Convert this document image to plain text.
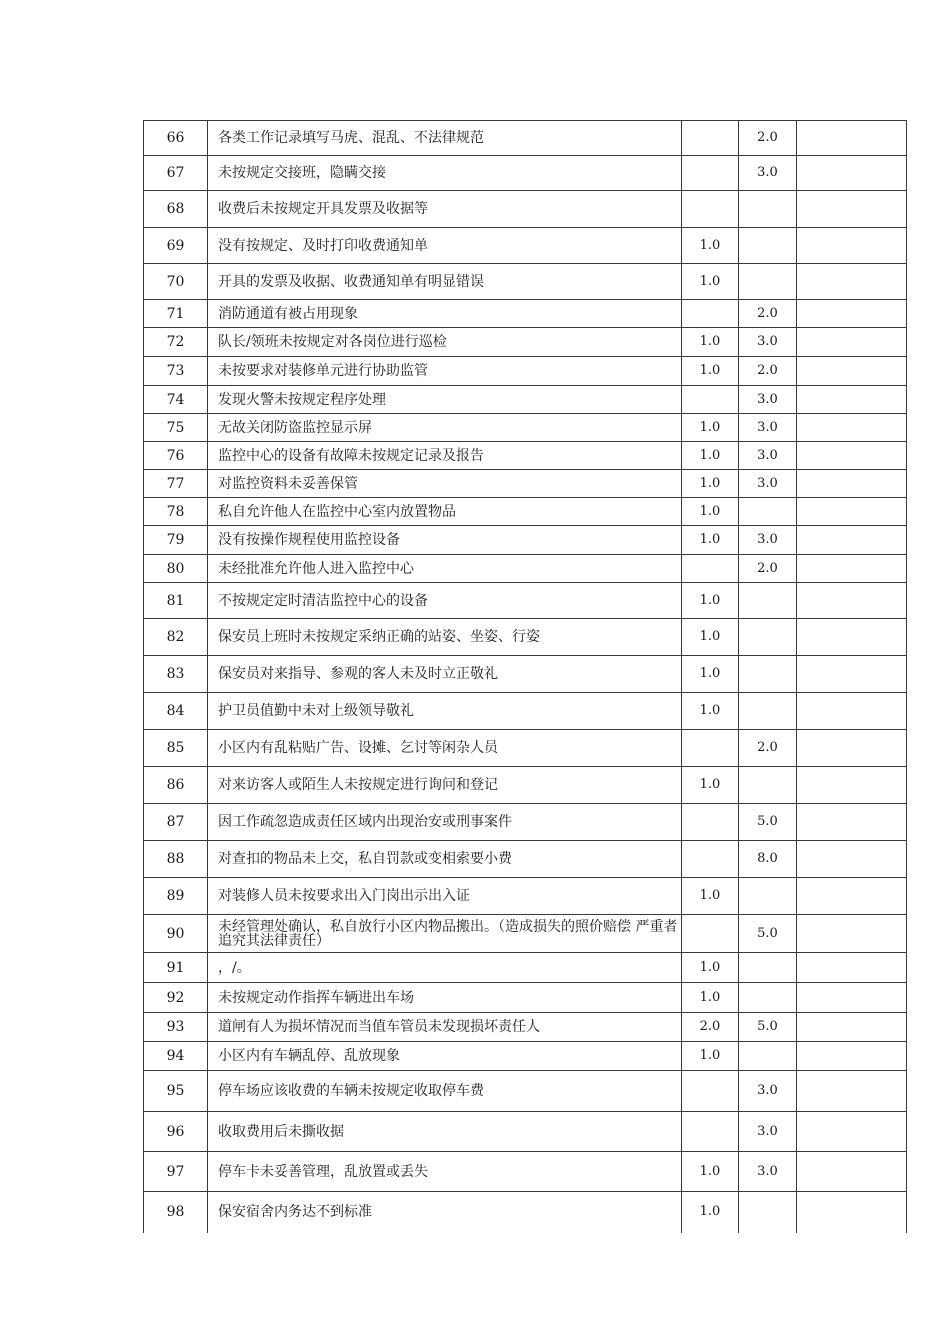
66	各类工作记录填写马虎、混乱、不法律规范		2.0	
67	未按规定交接班，隐瞒交接		3.0	
68	收费后未按规定开具发票及收据等			
69	没有按规定、及时打印收费通知单	1.0		
70	开具的发票及收据、收费通知单有明显错误	1.0		
71	消防通道有被占用现象		2.0	
72	队长/领班未按规定对各岗位进行巡检	1.0	3.0	
73	未按要求对装修单元进行协助监管	1.0	2.0	
74	发现火警未按规定程序处理		3.0	
75	无故关闭防盗监控显示屏	1.0	3.0	
76	监控中心的设备有故障未按规定记录及报告	1.0	3.0	
77	对监控资料未妥善保管	1.0	3.0	
78	私自允许他人在监控中心室内放置物品	1.0		
79	没有按操作规程使用监控设备	1.0	3.0	
80	未经批准允许他人进入监控中心		2.0	
81	不按规定定时清洁监控中心的设备	1.0		
82	保安员上班时未按规定采纳正确的站姿、坐姿、行姿	1.0		
83	保安员对来指导、参观的客人未及时立正敬礼	1.0		
84	护卫员值勤中未对上级领导敬礼	1.0		
85	小区内有乱粘贴广告、设摊、乞讨等闲杂人员		2.0	
86	对来访客人或陌生人未按规定进行询问和登记	1.0		
87	因工作疏忽造成责任区域内出现治安或刑事案件		5.0	
88	对查扣的物品未上交，私自罚款或变相索要小费		8.0	
89	对装修人员未按要求出入门岗出示出入证	1.0		
90	未经管理处确认，私自放行小区内物品搬出。（造成损失的照价赔偿 严重者追究其法律责任）		5.0	
91	，/。	1.0		
92	未按规定动作指挥车辆进出车场	1.0		
93	道闸有人为损坏情况而当值车管员未发现损坏责任人	2.0	5.0	
94	小区内有车辆乱停、乱放现象	1.0		
95	停车场应该收费的车辆未按规定收取停车费		3.0	
96	收取费用后未撕收据		3.0	
97	停车卡未妥善管理，乱放置或丢失	1.0	3.0	
98	保安宿舍内务达不到标准	1.0		
